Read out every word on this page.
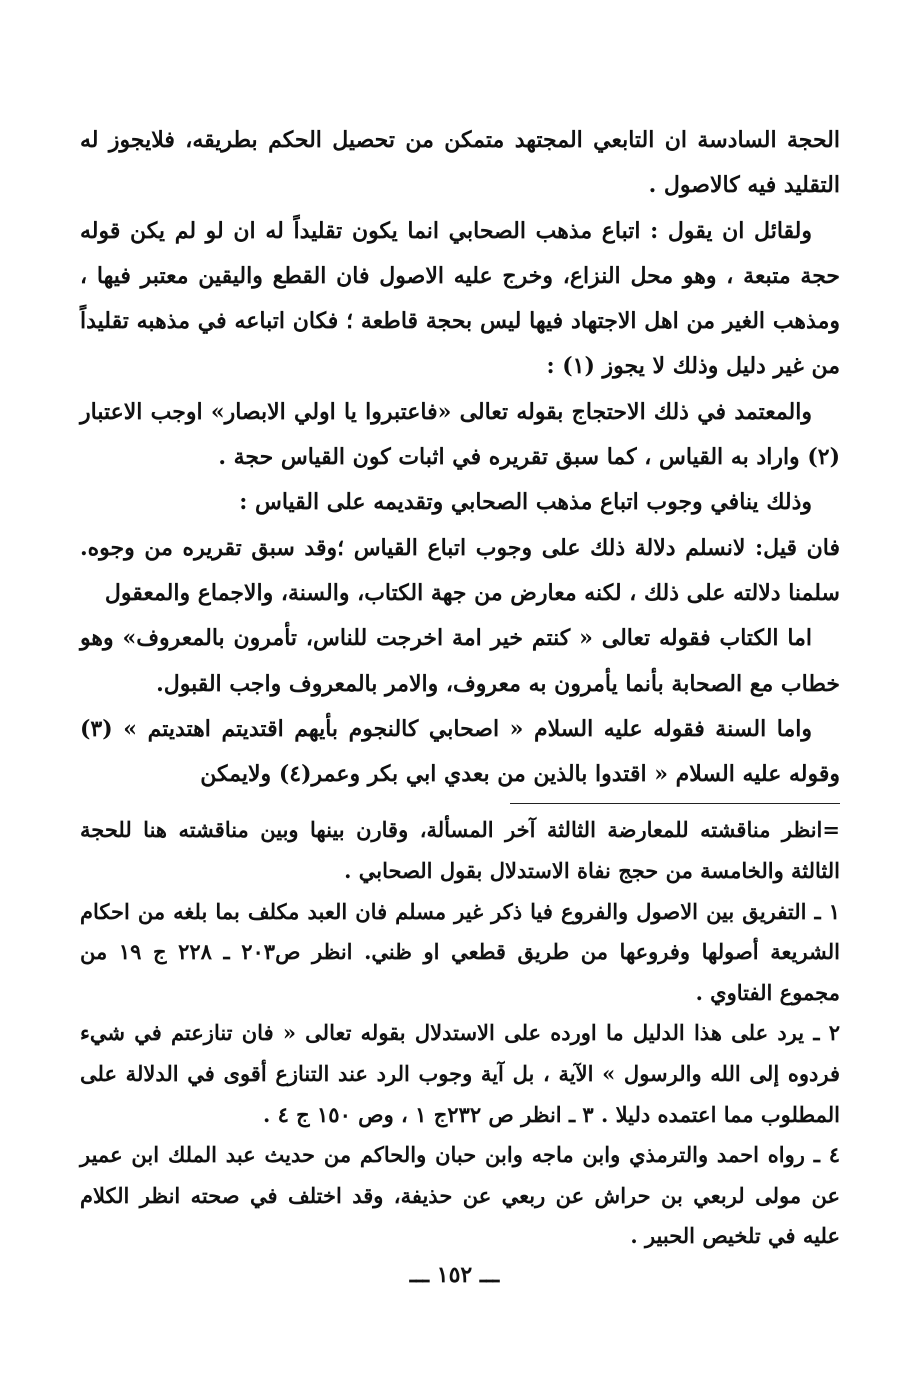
الحجة السادسة ان التابعي المجتهد متمكن من تحصيل الحكم بطريقه، فلايجوز له التقليد فيه كالاصول .

ولقائل ان يقول : اتباع مذهب الصحابي انما يكون تقليداً له ان لو لم يكن قوله حجة متبعة ، وهو محل النزاع، وخرج عليه الاصول فان القطع واليقين معتبر فيها ، ومذهب الغير من اهل الاجتهاد فيها ليس بحجة قاطعة ؛ فكان اتباعه في مذهبه تقليداً من غير دليل وذلك لا يجوز (١) :

والمعتمد في ذلك الاحتجاج بقوله تعالى «فاعتبروا يا اولي الابصار» اوجب الاعتبار (٢) واراد به القياس ، كما سبق تقريره في اثبات كون القياس حجة .

وذلك ينافي وجوب اتباع مذهب الصحابي وتقديمه على القياس :

فان قيل: لانسلم دلالة ذلك على وجوب اتباع القياس ؛وقد سبق تقريره من وجوه. سلمنا دلالته على ذلك ، لكنه معارض من جهة الكتاب، والسنة، والاجماع والمعقول

اما الكتاب فقوله تعالى « كنتم خير امة اخرجت للناس، تأمرون بالمعروف» وهو خطاب مع الصحابة بأنما يأمرون به معروف، والامر بالمعروف واجب القبول.

واما السنة فقوله عليه السلام « اصحابي كالنجوم بأيهم اقتديتم اهتديتم » (٣) وقوله عليه السلام « اقتدوا بالذين من بعدي ابي بكر وعمر(٤) ولايمكن

=انظر مناقشته للمعارضة الثالثة آخر المسألة، وقارن بينها وبين مناقشته هنا للحجة الثالثة والخامسة من حجج نفاة الاستدلال بقول الصحابي .

١ ـ التفريق بين الاصول والفروع فيا ذكر غير مسلم فان العبد مكلف بما بلغه من احكام الشريعة أصولها وفروعها من طريق قطعي او ظني. انظر ص٢٠٣ ـ ٢٢٨ ج ١٩ من مجموع الفتاوي .

٢ ـ يرد على هذا الدليل ما اورده على الاستدلال بقوله تعالى « فان تنازعتم في شيء فردوه إلى الله والرسول » الآية ، بل آية وجوب الرد عند التنازع أقوى في الدلالة على المطلوب مما اعتمده دليلا . ٣ ـ انظر ص ٢٣٢ج ١ ، وص ١٥٠ ج ٤ .

٤ ـ رواه احمد والترمذي وابن ماجه وابن حبان والحاكم من حديث عبد الملك ابن عمير عن مولى لربعي بن حراش عن ربعي عن حذيفة، وقد اختلف في صحته انظر الكلام عليه في تلخيص الحبير .

ـــ ١٥٢ ـــ
